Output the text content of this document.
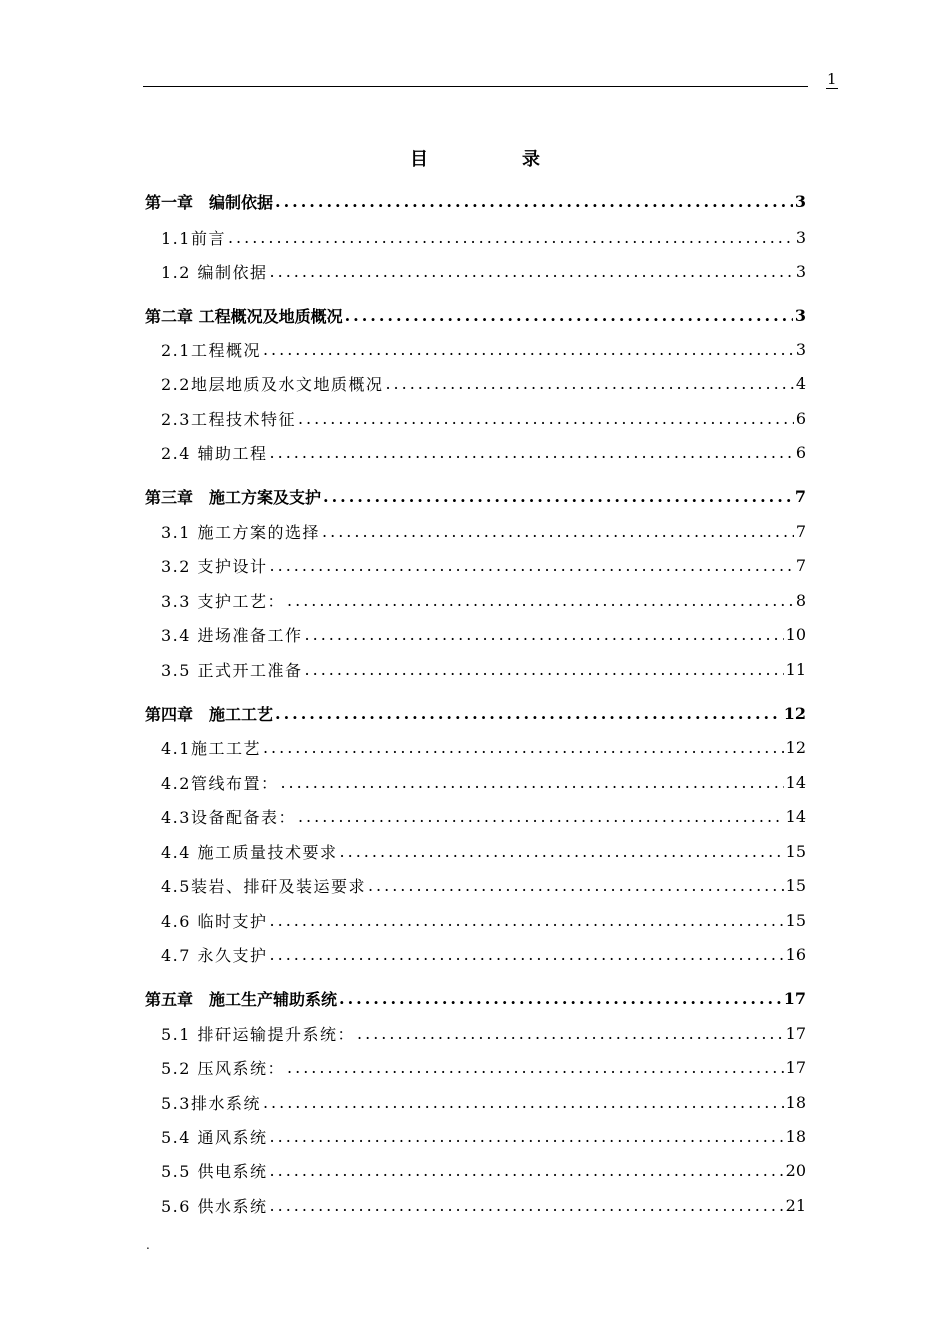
1
目　录
第一章　编制依据 .....	3
1.1前言 .....	3
1.2 编制依据 .....	3
第二章 工程概况及地质概况 .....	3
2.1工程概况 .....	3
2.2地层地质及水文地质概况 .....	4
2.3工程技术特征 .....	6
2.4 辅助工程 .....	6
第三章　施工方案及支护 .....	7
3.1 施工方案的选择 .....	7
3.2 支护设计 .....	7
3.3 支护工艺： .....	8
3.4 进场准备工作 .....	10
3.5 正式开工准备 .....	11
第四章　施工工艺 .....	12
4.1施工工艺 .....	12
4.2管线布置： .....	14
4.3设备配备表： .....	14
4.4 施工质量技术要求 .....	15
4.5装岩、排矸及装运要求 .....	15
4.6 临时支护 .....	15
4.7 永久支护 .....	16
第五章　施工生产辅助系统 .....	17
5.1 排矸运输提升系统： .....	17
5.2 压风系统： .....	17
5.3排水系统 .....	18
5.4 通风系统 .....	18
5.5 供电系统 .....	20
5.6 供水系统 .....	21
.
